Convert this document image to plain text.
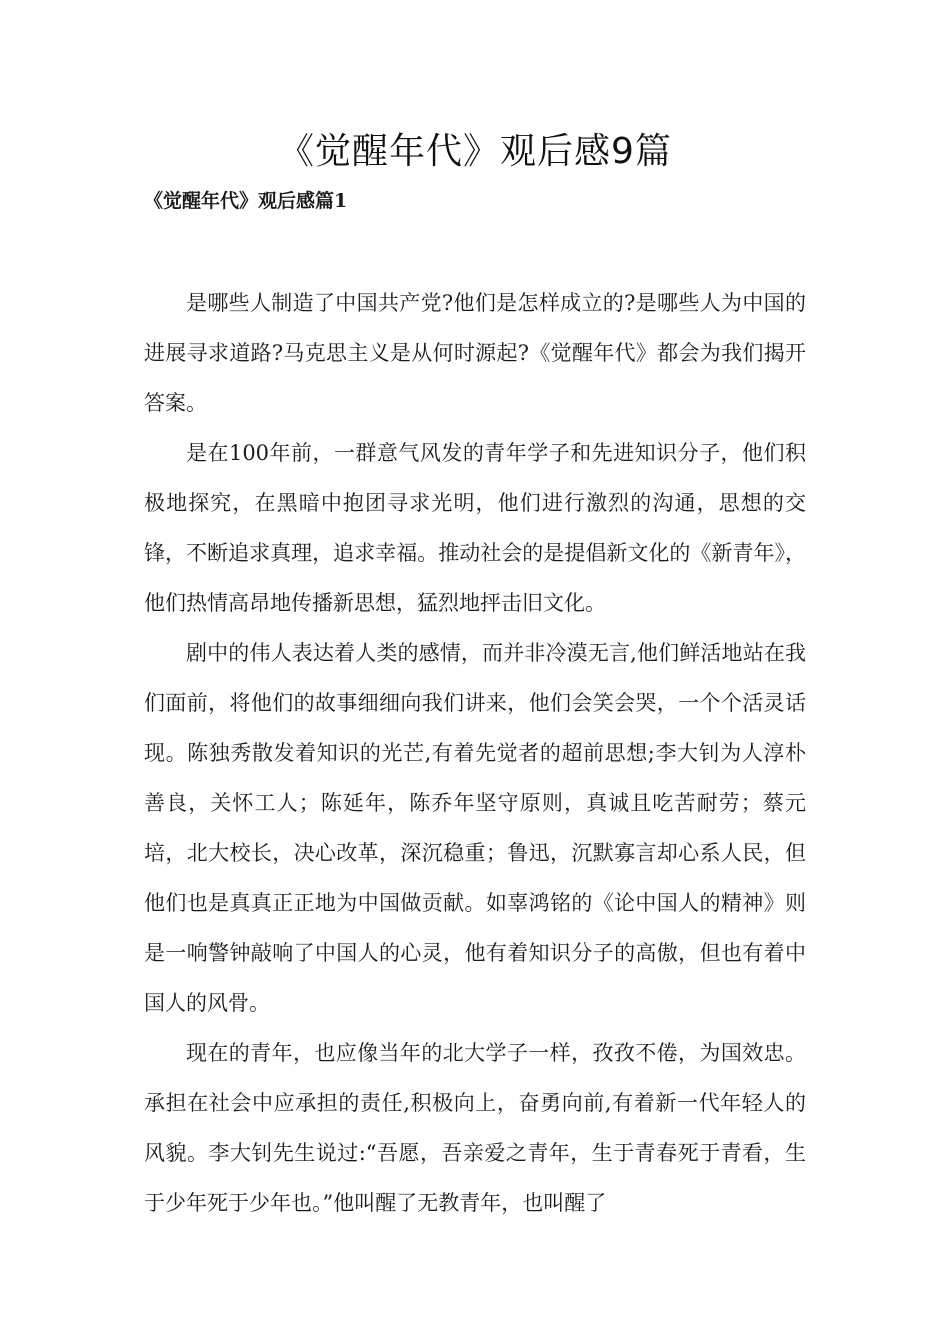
《觉醒年代》观后感9篇
《觉醒年代》观后感篇1

是哪些人制造了中国共产党?他们是怎样成立的?是哪些人为中国的进展寻求道路?马克思主义是从何时源起?《觉醒年代》都会为我们揭开答案。

是在100年前，一群意气风发的青年学子和先进知识分子，他们积极地探究，在黑暗中抱团寻求光明，他们进行激烈的沟通，思想的交锋，不断追求真理，追求幸福。推动社会的是提倡新文化的《新青年》，他们热情高昂地传播新思想，猛烈地抨击旧文化。

剧中的伟人表达着人类的感情，而并非冷漠无言,他们鲜活地站在我们面前，将他们的故事细细向我们讲来，他们会笑会哭，一个个活灵话现。陈独秀散发着知识的光芒,有着先觉者的超前思想;李大钊为人淳朴善良，关怀工人；陈延年，陈乔年坚守原则，真诚且吃苦耐劳；蔡元培，北大校长，决心改革，深沉稳重；鲁迅，沉默寡言却心系人民，但他们也是真真正正地为中国做贡献。如辜鸿铭的《论中国人的精神》则是一响警钟敲响了中国人的心灵，他有着知识分子的高傲，但也有着中国人的风骨。

现在的青年，也应像当年的北大学子一样，孜孜不倦，为国效忠。承担在社会中应承担的责任,积极向上，奋勇向前,有着新一代年轻人的风貌。李大钊先生说过:“吾愿，吾亲爱之青年，生于青春死于青看，生于少年死于少年也。”他叫醒了无教青年，也叫醒了
